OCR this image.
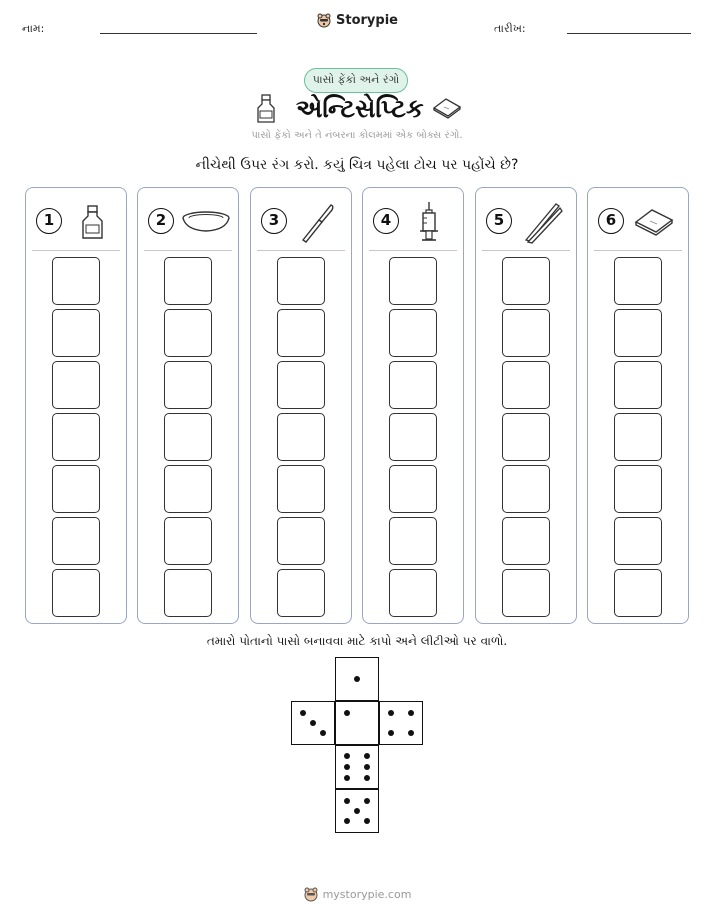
નામ:	તારીખ:
Storypie
પાસો ફેંકો અને રંગો
એન્ટિસેપ્ટિક
પાસો ફેંકો અને તે નંબરના કોલમમાં એક બોક્સ રંગો.
નીચેથી ઉપર રંગ કરો. કયું ચિત્ર પહેલા ટોચ પર પહોંચે છે?
1	2	3	4	5	6
તમારો પોતાનો પાસો બનાવવા માટે કાપો અને લીટીઓ પર વાળો.
mystorypie.com
